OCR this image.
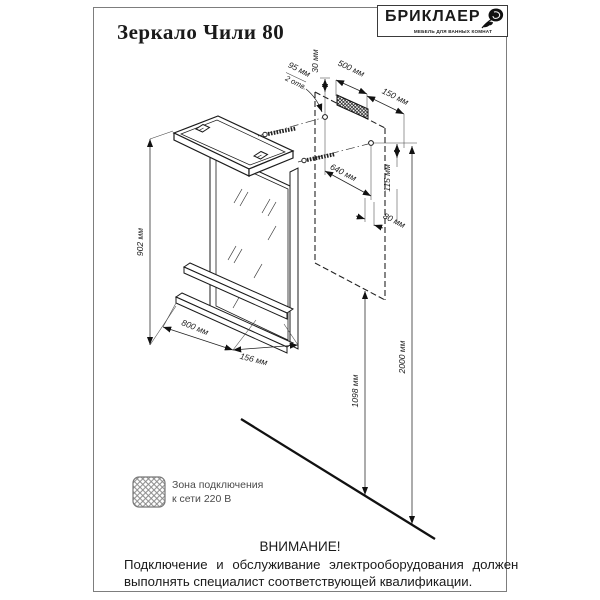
Зеркало Чили 80
БРИКЛАЕР
МЕБЕЛЬ ДЛЯ ВАННЫХ КОМНАТ
902 мм
800 мм
156 мм
95 мм
2 отв.
30 мм 500 мм
150 мм
640 мм	115 мм
80 мм
2000 мм
1098 мм
Зона подключения
к сети 220 В
ВНИМАНИЕ!
Подключение и обслуживание электрооборудования должен
выполнять специалист соответствующей квалификации.
